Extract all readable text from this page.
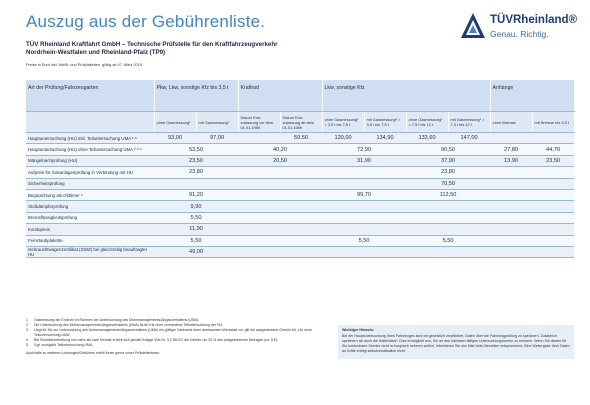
Auszug aus der Gebührenliste.	TÜVRheinland®
Genau. Richtig.
TÜV Rheinland Kraftfahrt GmbH – Technische Prüfstelle für den Kraftfahrzeugverkehr
Nordrhein-Westfalen und Rheinland-Pfalz (TP9)
Preise in Euro inkl. MwSt. und Prüfplaketten, gültig ab 07. März 2015
Art der Prüfung/Fahrzeugarten	Pkw, Lkw, sonstige Kfz bis 3,5 t		Kraftrad		Lkw, sonstige Kfz				Anhänge	
	ohne Gasmessung¹	mit Gasmessung¹	Datum Erst-zulassung vor dem 01.01.1989	Datum Erst-zulassung ab dem 01.01.1989	ohne Gasmessung¹ > 3,5 t bis 7,5 t	mit Gasmessung¹ > 3,5 t bis 7,5 t	ohne Gasmessung¹ > 7,5 t bis 12 t	mit Gasmessung¹ > 7,5 t bis 12 t	ohne Bremse	mit Bremse bis 3,5 t
Hauptuntersuchung (HU) inkl. Teiluntersuchung UMA ¹·⁵	93,00	97,00		59,50	120,00	134,90	133,60	147,00		
Hauptuntersuchung (HU) ohne Teiluntersuchung UMA ²·³·⁴	53,50		40,20		72,90		90,50		27,80	44,70
Mängelnachprüfung (HU)	23,50		20,50		31,90		37,90		13,90	23,50
Aufpreis für Gasanlagenprüfung in Verbindung mit HU	23,80						23,80			
Sicherheitsprüfung							70,50			
Begutachtung als Oldtimer ⁵	91,20				99,70		112,50			
Stoßdämpferprüfung	9,90									
Bremsflüssigkeitsprüfung	5,50									
Kombipreis	11,90									
Feinstaubplakette	5,50				5,50		5,50			
Gebrauchtwagenzertifikat (GWZ) bei gleichzeitig beauftragter HU	49,00									
1	Gasmessung am Endrohr im Rahmen der Untersuchung des Motormanagements/Abgasverhaltens (UMA).
2	Die Untersuchung des Motormanagements/Abgasverhaltens (UMA) ist für Kfz ohne vorhandene Teiluntersuchung der HU.
3	Liegt für Kfz zur Untersuchung des Motormanagements/Abgasverhaltens (UMA) ein gültiger Nachweis einer anerkannten Werkstatt vor, gilt die ausgewiesene Gebühr für „HU ohne Teiluntersuchung UMA“.
4	Bei Fristüberschreitung von mehr als zwei Monate erhöht sich gemäß Anlage VIIa Nr. 3.2 StVZO die Gebühr um 20 % des ausgewiesenen Betrages (ca. 8 €).
5	Ggf. zuzüglich Teiluntersuchung UMA.
Auskünfte zu weiteren Leistungen/Gebühren erteilt Ihnen gerne unser Prüfstellenteam.
Wichtiger Hinweis:
Bei der Hauptuntersuchung Ihres Fahrzeuges sind wir gesetzlich verpflichtet, Daten über die Fahrzeugprüfung zu speichern. Zusätzlich speichern wir auch die Halterdaten. Dies ermöglicht uns, Sie an den nächsten fälligen Untersuchungstermin zu erinnern. Wenn Sie diesen für Sie kostenlosen Service nicht in Anspruch nehmen wollen, informieren Sie uns bitte beim Bezahlen entsprechend. Eine Weitergabe Ihrer Daten an Dritte erfolgt selbstverständlich nicht.
